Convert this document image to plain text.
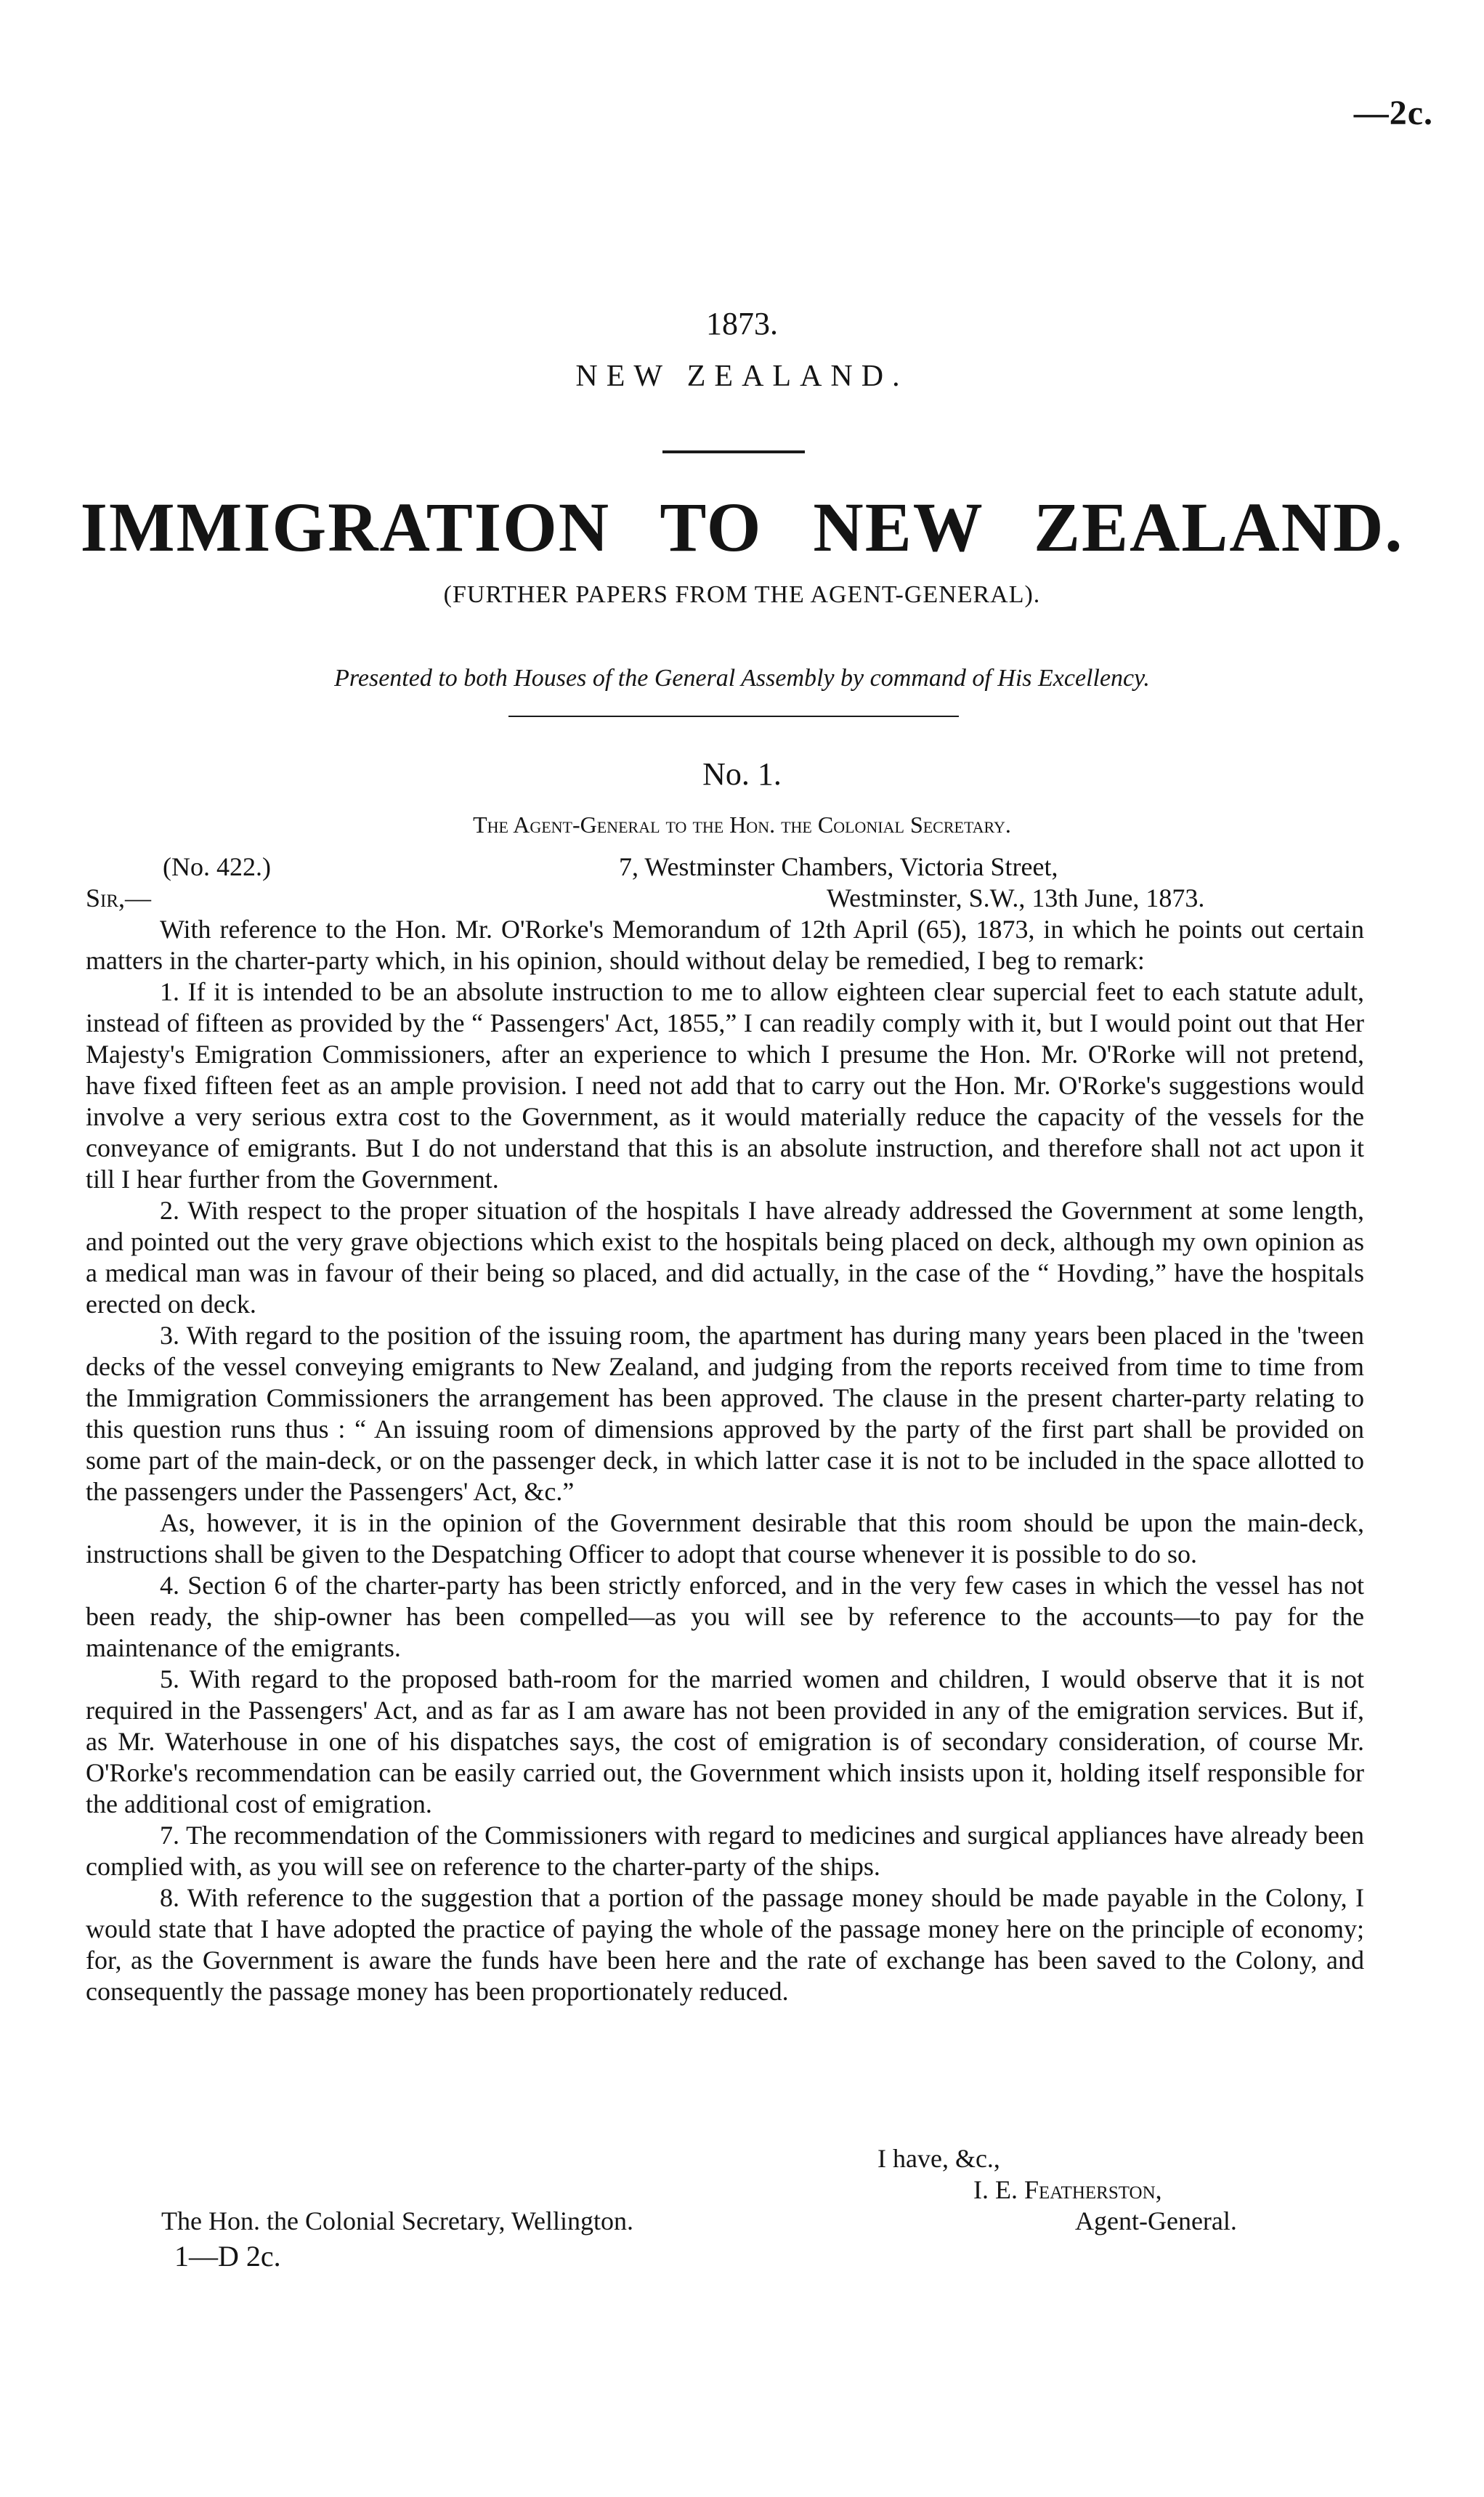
—2c.
1873.
NEW ZEALAND.
IMMIGRATION TO NEW ZEALAND.
(FURTHER PAPERS FROM THE AGENT-GENERAL).
Presented to both Houses of the General Assembly by command of His Excellency.
No. 1.
The Agent-General to the Hon. the Colonial Secretary.
(No. 422.)	7, Westminster Chambers, Victoria Street,
Sir,—	Westminster, S.W., 13th June, 1873.

With reference to the Hon. Mr. O'Rorke's Memorandum of 12th April (65), 1873, in which he points out certain matters in the charter-party which, in his opinion, should without delay be remedied, I beg to remark:

1. If it is intended to be an absolute instruction to me to allow eighteen clear supercial feet to each statute adult, instead of fifteen as provided by the “ Passengers' Act, 1855,” I can readily comply with it, but I would point out that Her Majesty's Emigration Commissioners, after an experience to which I presume the Hon. Mr. O'Rorke will not pretend, have fixed fifteen feet as an ample provision. I need not add that to carry out the Hon. Mr. O'Rorke's suggestions would involve a very serious extra cost to the Government, as it would materially reduce the capacity of the vessels for the conveyance of emigrants. But I do not understand that this is an absolute instruction, and therefore shall not act upon it till I hear further from the Government.

2. With respect to the proper situation of the hospitals I have already addressed the Government at some length, and pointed out the very grave objections which exist to the hospitals being placed on deck, although my own opinion as a medical man was in favour of their being so placed, and did actually, in the case of the “ Hovding,” have the hospitals erected on deck.

3. With regard to the position of the issuing room, the apartment has during many years been placed in the 'tween decks of the vessel conveying emigrants to New Zealand, and judging from the reports received from time to time from the Immigration Commissioners the arrangement has been approved. The clause in the present charter-party relating to this question runs thus : “ An issuing room of dimensions approved by the party of the first part shall be provided on some part of the main-deck, or on the passenger deck, in which latter case it is not to be included in the space allotted to the passengers under the Passengers' Act, &c.”

As, however, it is in the opinion of the Government desirable that this room should be upon the main-deck, instructions shall be given to the Despatching Officer to adopt that course whenever it is possible to do so.

4. Section 6 of the charter-party has been strictly enforced, and in the very few cases in which the vessel has not been ready, the ship-owner has been compelled—as you will see by reference to the accounts—to pay for the maintenance of the emigrants.

5. With regard to the proposed bath-room for the married women and children, I would observe that it is not required in the Passengers' Act, and as far as I am aware has not been provided in any of the emigration services. But if, as Mr. Waterhouse in one of his dispatches says, the cost of emigration is of secondary consideration, of course Mr. O'Rorke's recommendation can be easily carried out, the Government which insists upon it, holding itself responsible for the additional cost of emigration.

7. The recommendation of the Commissioners with regard to medicines and surgical appliances have already been complied with, as you will see on reference to the charter-party of the ships.

8. With reference to the suggestion that a portion of the passage money should be made payable in the Colony, I would state that I have adopted the practice of paying the whole of the passage money here on the principle of economy; for, as the Government is aware the funds have been here and the rate of exchange has been saved to the Colony, and consequently the passage money has been proportionately reduced.

I have, &c.,
I. E. Featherston,
Agent-General.
The Hon. the Colonial Secretary, Wellington.
1—D 2c.
